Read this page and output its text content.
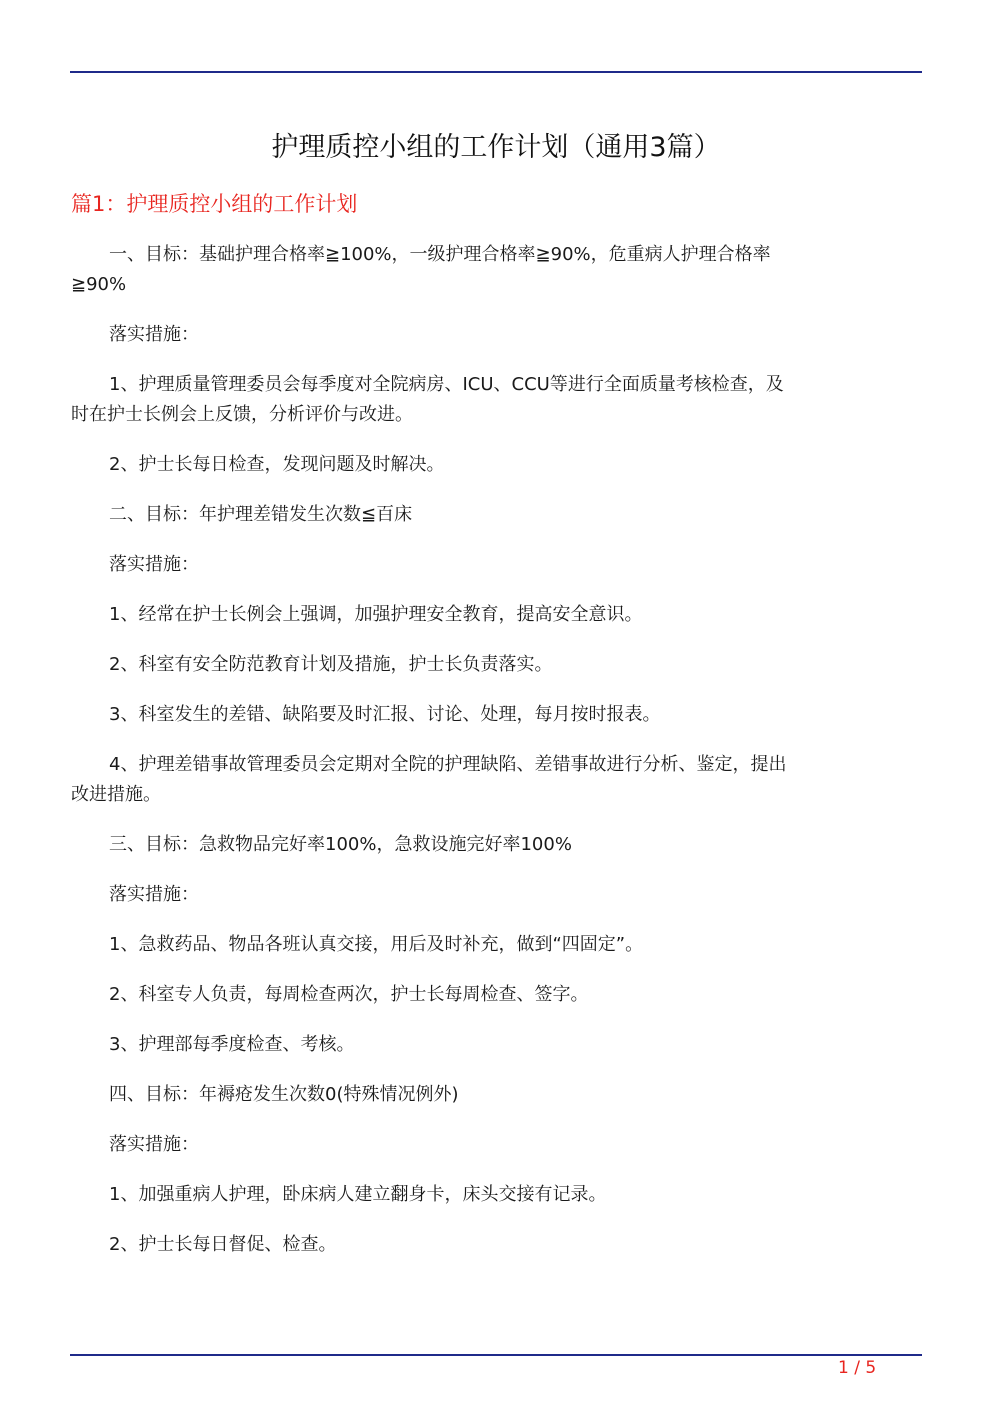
护理质控小组的工作计划（通用3篇）
篇1：护理质控小组的工作计划

一、目标：基础护理合格率≧100%，一级护理合格率≧90%，危重病人护理合格率≧90%

落实措施：

1、护理质量管理委员会每季度对全院病房、ICU、CCU等进行全面质量考核检查，及时在护士长例会上反馈，分析评价与改进。

2、护士长每日检查，发现问题及时解决。

二、目标：年护理差错发生次数≦百床

落实措施：

1、经常在护士长例会上强调，加强护理安全教育，提高安全意识。

2、科室有安全防范教育计划及措施，护士长负责落实。

3、科室发生的差错、缺陷要及时汇报、讨论、处理，每月按时报表。

4、护理差错事故管理委员会定期对全院的护理缺陷、差错事故进行分析、鉴定，提出改进措施。

三、目标：急救物品完好率100%，急救设施完好率100%

落实措施：

1、急救药品、物品各班认真交接，用后及时补充，做到“四固定”。

2、科室专人负责，每周检查两次，护士长每周检查、签字。

3、护理部每季度检查、考核。

四、目标：年褥疮发生次数0(特殊情况例外)

落实措施：

1、加强重病人护理，卧床病人建立翻身卡，床头交接有记录。

2、护士长每日督促、检查。

1 / 5
